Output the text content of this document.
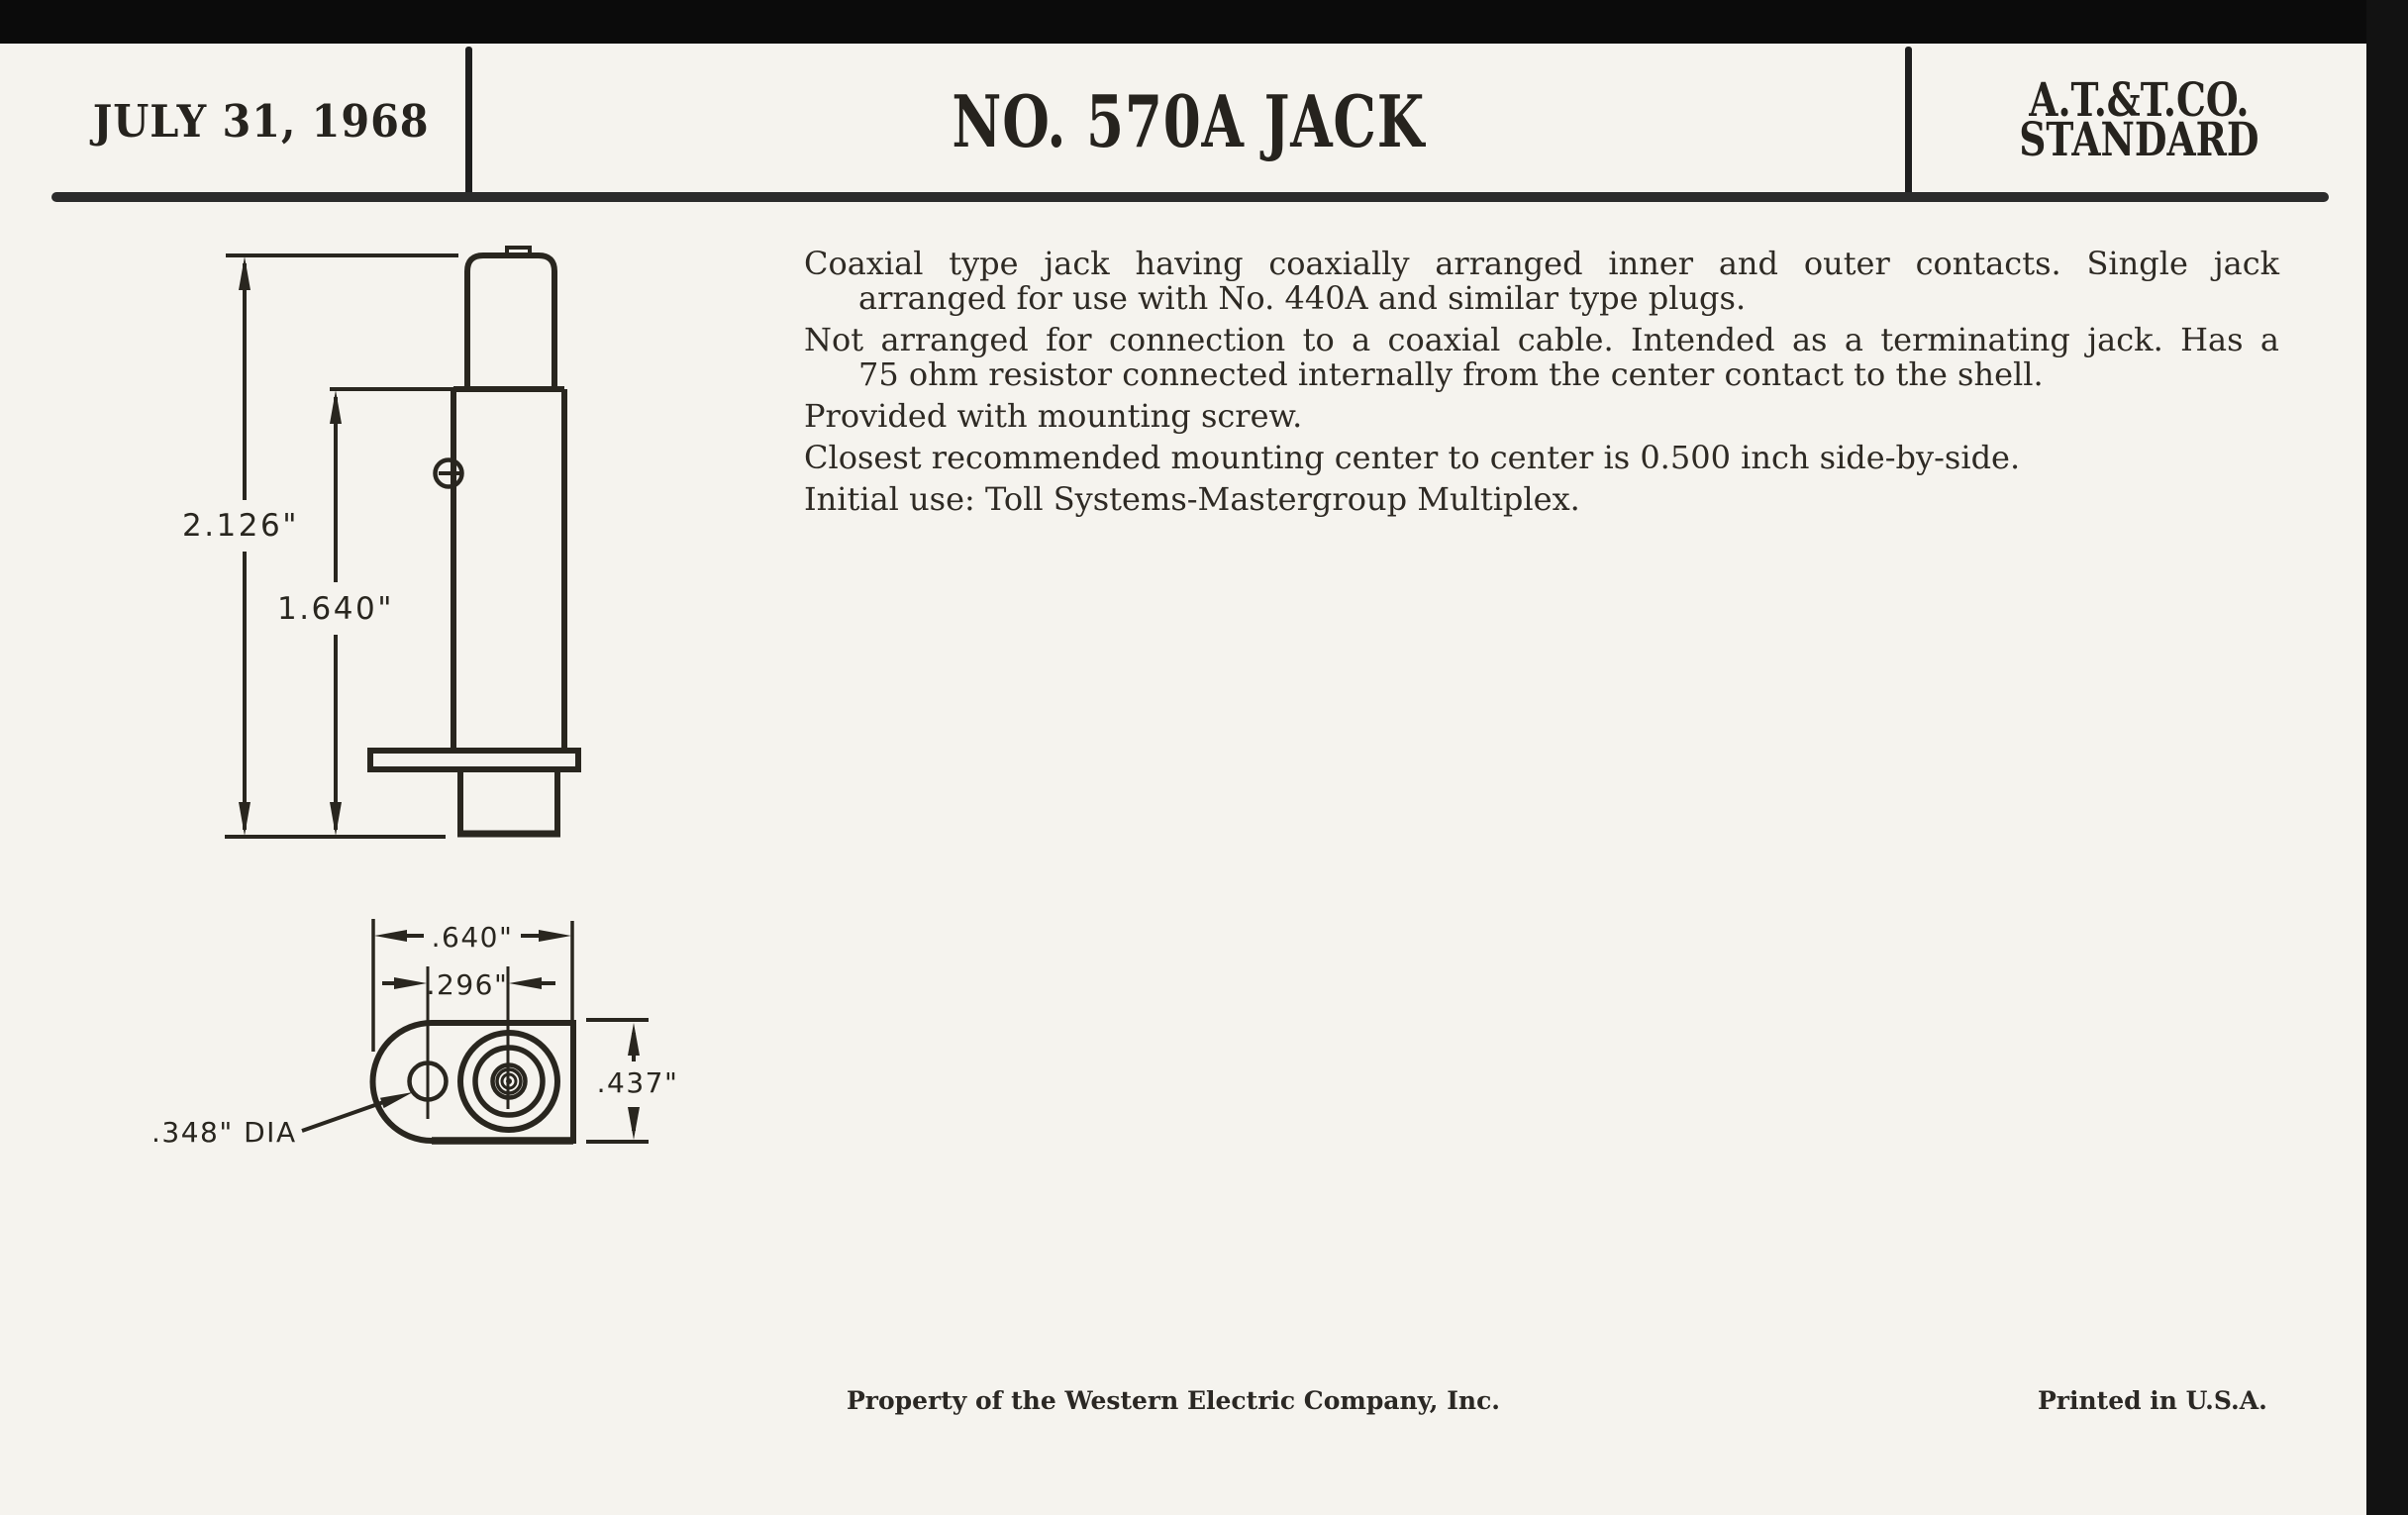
JULY 31, 1968	NO. 570A JACK	A.T.&T.CO.
STANDARD

Coaxial type jack having coaxially arranged inner and outer contacts. Single jack
arranged for use with No. 440A and similar type plugs.

Not arranged for connection to a coaxial cable. Intended as a terminating jack. Has a
75 ohm resistor connected internally from the center contact to the shell.

Provided with mounting screw.

Closest recommended mounting center to center is 0.500 inch side-by-side.

Initial use: Toll Systems-Mastergroup Multiplex.

2.126"
1.640"
.640"
.296"
.437"
.348" DIA
Property of the Western Electric Company, Inc.	Printed in U.S.A.
